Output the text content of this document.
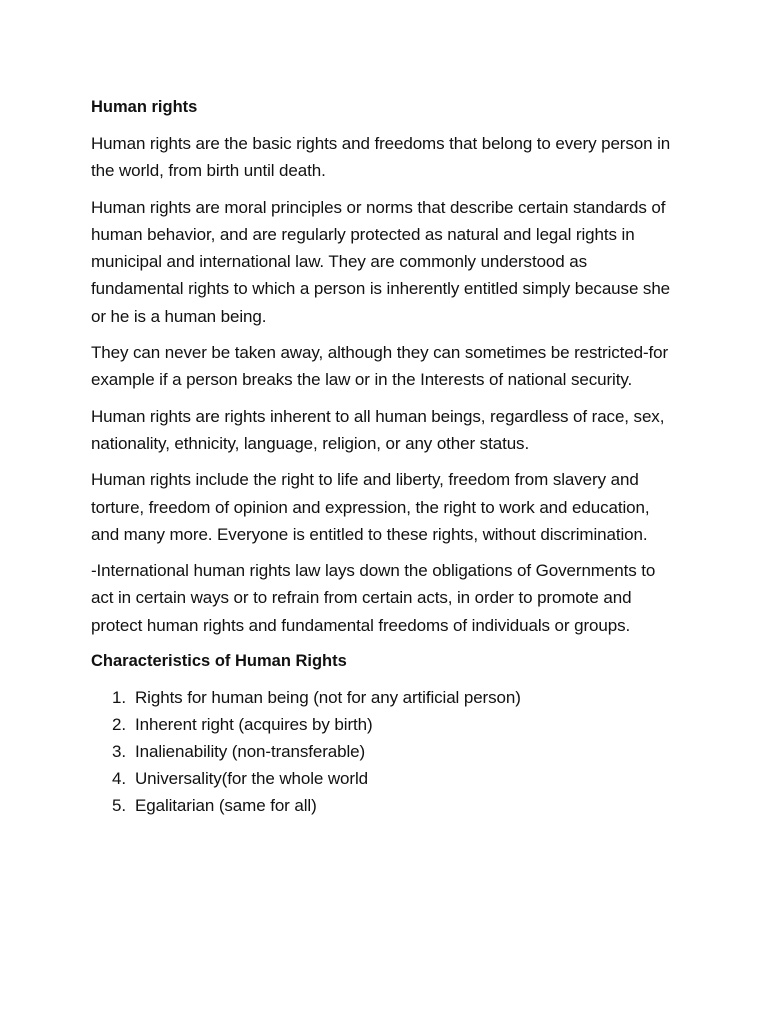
Human rights

Human rights are the basic rights and freedoms that belong to every person in the world, from birth until death.

Human rights are moral principles or norms that describe certain standards of human behavior, and are regularly protected as natural and legal rights in municipal and international law. They are commonly understood as fundamental rights to which a person is inherently entitled simply because she or he is a human being.

They can never be taken away, although they can sometimes be restricted-for example if a person breaks the law or in the Interests of national security.

Human rights are rights inherent to all human beings, regardless of race, sex, nationality, ethnicity, language, religion, or any other status.

Human rights include the right to life and liberty, freedom from slavery and torture, freedom of opinion and expression, the right to work and education, and many more. Everyone is entitled to these rights, without discrimination.

-International human rights law lays down the obligations of Governments to act in certain ways or to refrain from certain acts, in order to promote and protect human rights and fundamental freedoms of individuals or groups.

Characteristics of Human Rights
1. Rights for human being (not for any artificial person)
2. Inherent right (acquires by birth)
3. Inalienability (non-transferable)
4. Universality(for the whole world
5. Egalitarian (same for all)
